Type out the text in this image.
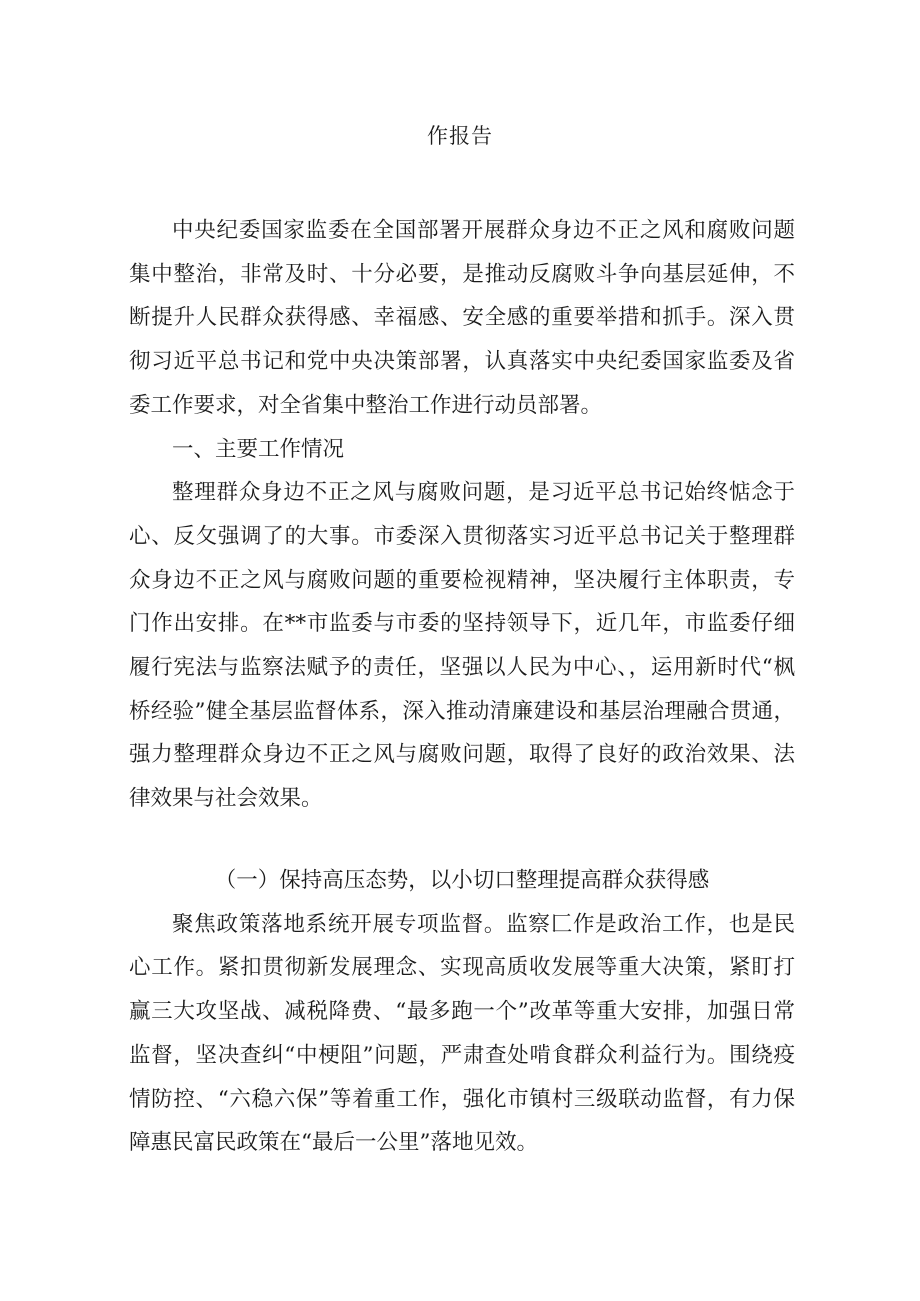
作报告

中央纪委国家监委在全国部署开展群众身边不正之风和腐败问题集中整治，非常及时、十分必要，是推动反腐败斗争向基层延伸，不断提升人民群众获得感、幸福感、安全感的重要举措和抓手。深入贯彻习近平总书记和党中央决策部署，认真落实中央纪委国家监委及省委工作要求，对全省集中整治工作进行动员部署。

一、主要工作情况

整理群众身边不正之风与腐败问题，是习近平总书记始终惦念于心、反攵强调了的大事。市委深入贯彻落实习近平总书记关于整理群众身边不正之风与腐败问题的重要检视精神，坚决履行主体职责，专门作出安排。在**市监委与市委的坚持领导下，近几年，市监委仔细履行宪法与监察法赋予的责任，坚强以人民为中心、，运用新时代“枫桥经验”健全基层监督体系，深入推动清廉建设和基层治理融合贯通，强力整理群众身边不正之风与腐败问题，取得了良好的政治效果、法律效果与社会效果。

（一）保持高压态势，以小切口整理提高群众获得感

聚焦政策落地系统开展专项监督。监察匚作是政治工作，也是民心工作。紧扣贯彻新发展理念、实现高质收发展等重大决策，紧盯打赢三大攻坚战、减税降费、“最多跑一个”改革等重大安排，加强日常监督，坚决查纠“中梗阻”问题，严肃查处啃食群众利益行为。围绕疫情防控、“六稳六保”等着重工作，强化市镇村三级联动监督，有力保障惠民富民政策在“最后一公里”落地见效。
